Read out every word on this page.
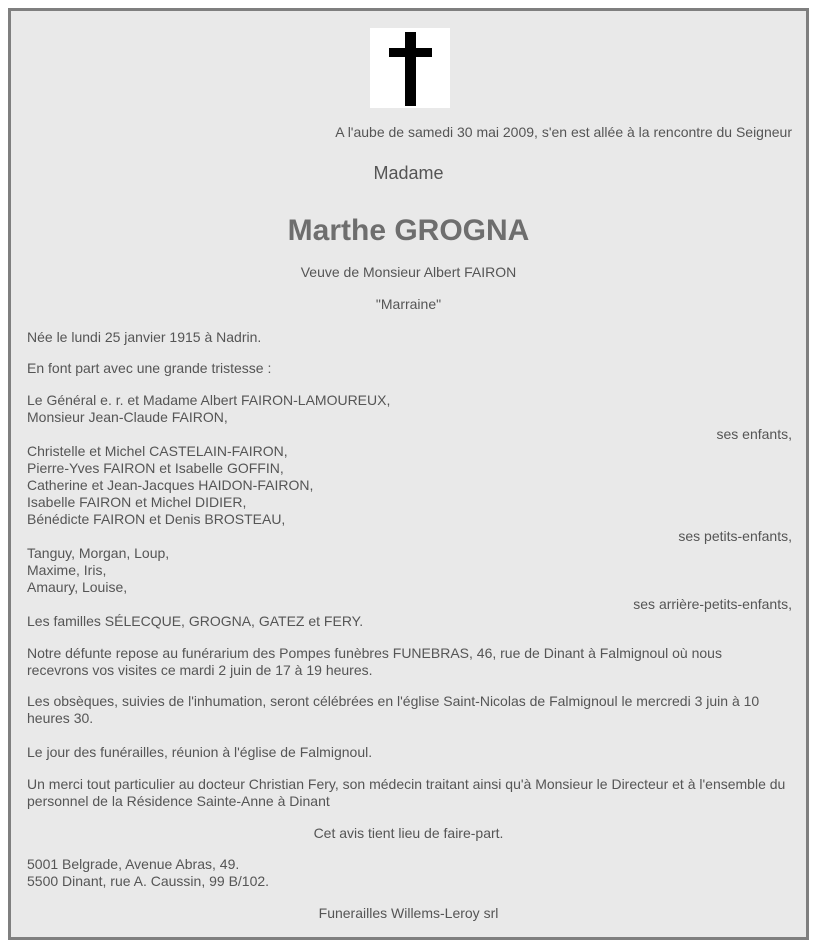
A l'aube de samedi 30 mai 2009, s'en est allée à la rencontre du Seigneur
Madame
Marthe GROGNA
Veuve de Monsieur Albert FAIRON
"Marraine"
Née le lundi 25 janvier 1915 à Nadrin.
En font part avec une grande tristesse :
Le Général e. r. et Madame Albert FAIRON-LAMOUREUX,
Monsieur Jean-Claude FAIRON,
ses enfants,
Christelle et Michel CASTELAIN-FAIRON,
Pierre-Yves FAIRON et Isabelle GOFFIN,
Catherine et Jean-Jacques HAIDON-FAIRON,
Isabelle FAIRON et Michel DIDIER,
Bénédicte FAIRON et Denis BROSTEAU,
ses petits-enfants,
Tanguy, Morgan, Loup,
Maxime, Iris,
Amaury, Louise,
ses arrière-petits-enfants,
Les familles SÉLECQUE, GROGNA, GATEZ et FERY.
Notre défunte repose au funérarium des Pompes funèbres FUNEBRAS, 46, rue de Dinant à Falmignoul où nous recevrons vos visites ce mardi 2 juin de 17 à 19 heures.
Les obsèques, suivies de l'inhumation, seront célébrées en l'église Saint-Nicolas de Falmignoul le mercredi 3 juin à 10 heures 30.
Le jour des funérailles, réunion à l'église de Falmignoul.
Un merci tout particulier au docteur Christian Fery, son médecin traitant ainsi qu'à Monsieur le Directeur et à l'ensemble du personnel de la Résidence Sainte-Anne à Dinant
Cet avis tient lieu de faire-part.
5001 Belgrade, Avenue Abras, 49.
5500 Dinant, rue A. Caussin, 99 B/102.
Funerailles Willems-Leroy srl
